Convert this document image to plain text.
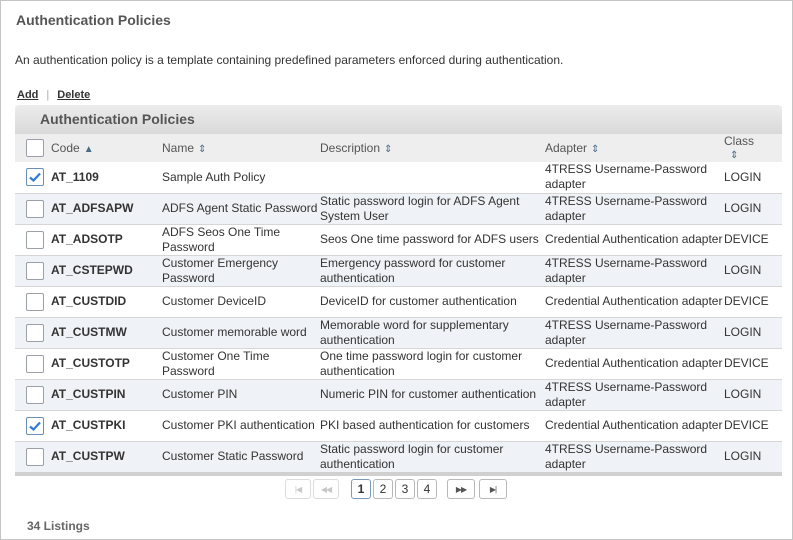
Authentication Policies
An authentication policy is a template containing predefined parameters enforced during authentication.
Add | Delete
Authentication Policies
	Code ▲	Name ⇕	Description ⇕	Adapter ⇕	Class
⇕

	AT_1109	Sample Auth Policy		4TRESS Username-Password adapter	LOGIN

	AT_ADFSAPW	ADFS Agent Static Password	Static password login for ADFS Agent System User	4TRESS Username-Password adapter	LOGIN

	AT_ADSOTP	ADFS Seos One Time Password	Seos One time password for ADFS users	Credential Authentication adapter	DEVICE

	AT_CSTEPWD	Customer Emergency Password	Emergency password for customer authentication	4TRESS Username-Password adapter	LOGIN

	AT_CUSTDID	Customer DeviceID	DeviceID for customer authentication	Credential Authentication adapter	DEVICE

	AT_CUSTMW	Customer memorable word	Memorable word for supplementary authentication	4TRESS Username-Password adapter	LOGIN

	AT_CUSTOTP	Customer One Time Password	One time password login for customer authentication	Credential Authentication adapter	DEVICE

	AT_CUSTPIN	Customer PIN	Numeric PIN for customer authentication	4TRESS Username-Password adapter	LOGIN

	AT_CUSTPKI	Customer PKI authentication	PKI based authentication for customers	Credential Authentication adapter	DEVICE

	AT_CUSTPW	Customer Static Password	Static password login for customer authentication	4TRESS Username-Password adapter	LOGIN
|◀	◀◀	1	2	3	4	▶▶	▶|
34 Listings
